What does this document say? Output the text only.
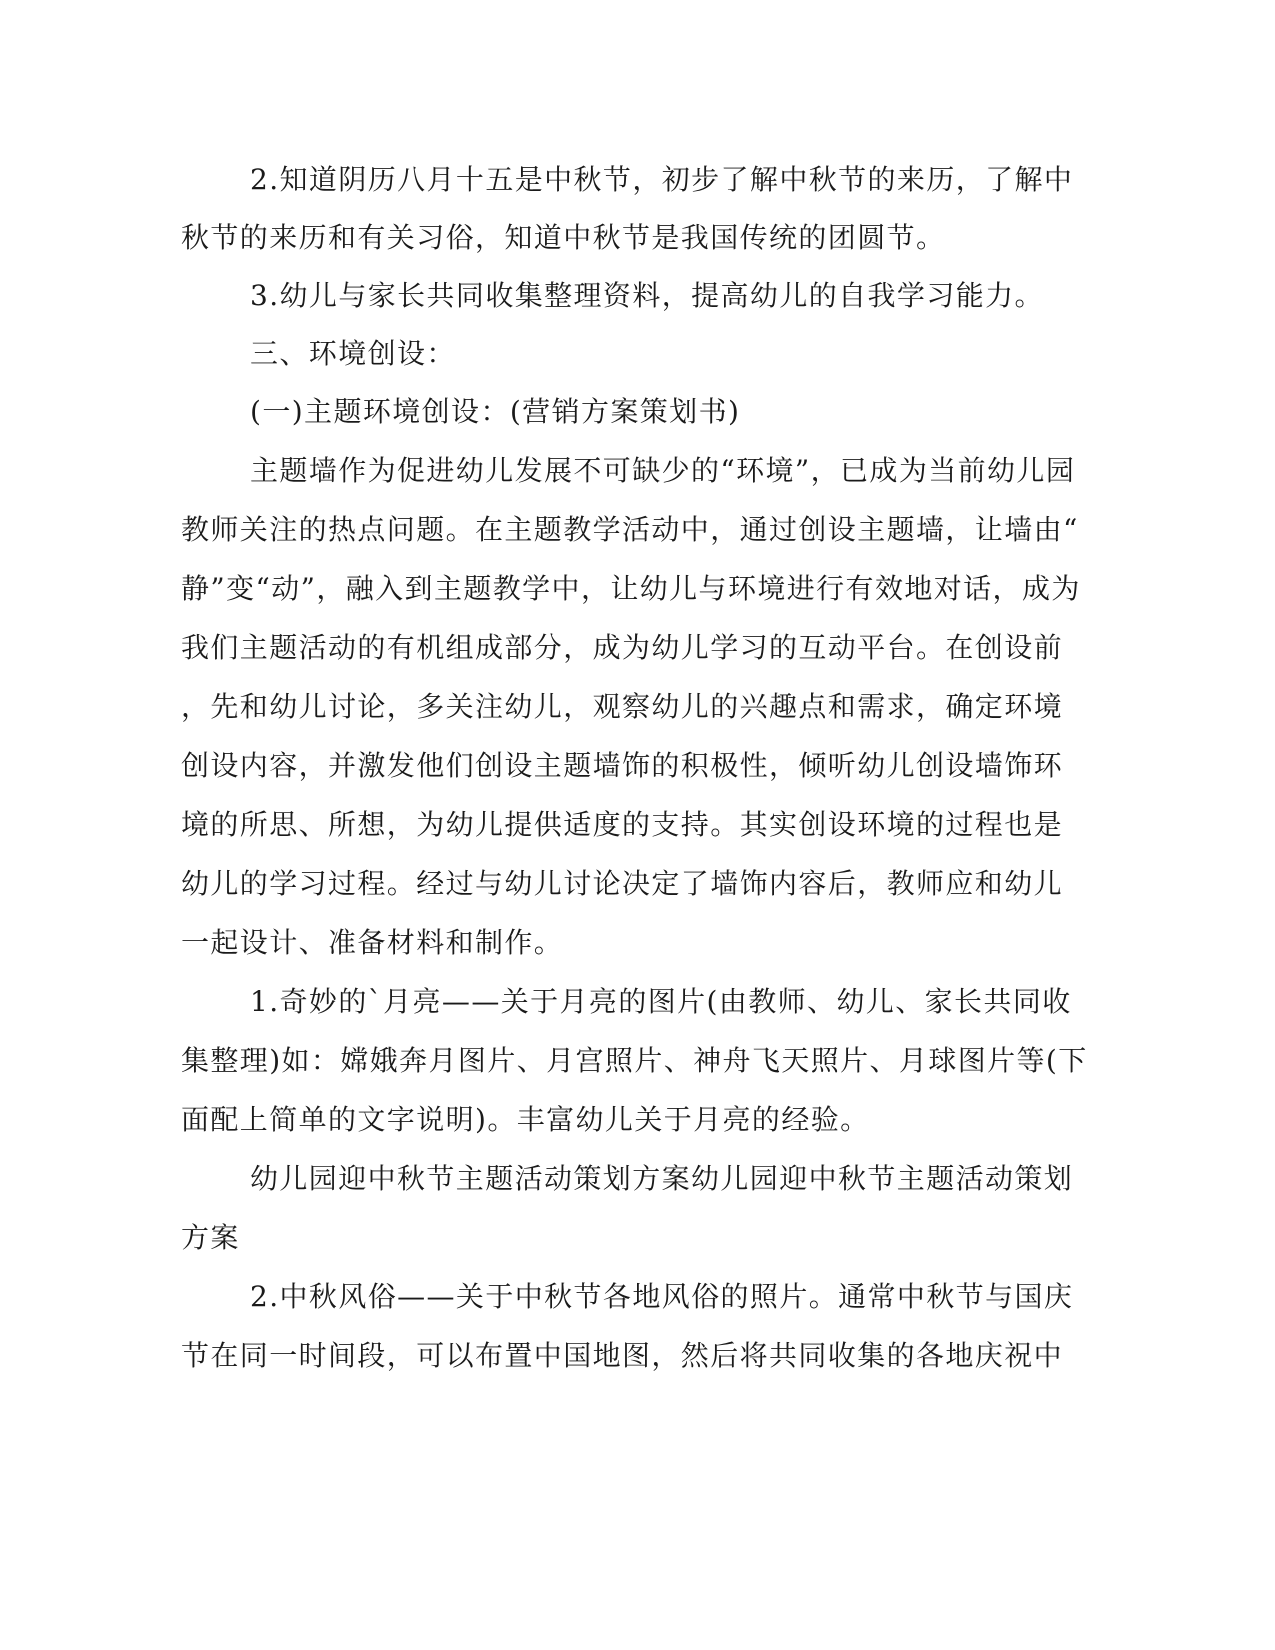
2.知道阴历八月十五是中秋节，初步了解中秋节的来历，了解中
秋节的来历和有关习俗，知道中秋节是我国传统的团圆节。
3.幼儿与家长共同收集整理资料，提高幼儿的自我学习能力。
三、环境创设：
(一)主题环境创设：(营销方案策划书)
主题墙作为促进幼儿发展不可缺少的“环境”，已成为当前幼儿园
教师关注的热点问题。在主题教学活动中，通过创设主题墙，让墙由“
静”变“动”，融入到主题教学中，让幼儿与环境进行有效地对话，成为
我们主题活动的有机组成部分，成为幼儿学习的互动平台。在创设前
，先和幼儿讨论，多关注幼儿，观察幼儿的兴趣点和需求，确定环境
创设内容，并激发他们创设主题墙饰的积极性，倾听幼儿创设墙饰环
境的所思、所想，为幼儿提供适度的支持。其实创设环境的过程也是
幼儿的学习过程。经过与幼儿讨论决定了墙饰内容后，教师应和幼儿
一起设计、准备材料和制作。
1.奇妙的`月亮——关于月亮的图片(由教师、幼儿、家长共同收
集整理)如：嫦娥奔月图片、月宫照片、神舟飞天照片、月球图片等(下
面配上简单的文字说明)。丰富幼儿关于月亮的经验。
幼儿园迎中秋节主题活动策划方案幼儿园迎中秋节主题活动策划
方案
2.中秋风俗——关于中秋节各地风俗的照片。通常中秋节与国庆
节在同一时间段，可以布置中国地图，然后将共同收集的各地庆祝中
